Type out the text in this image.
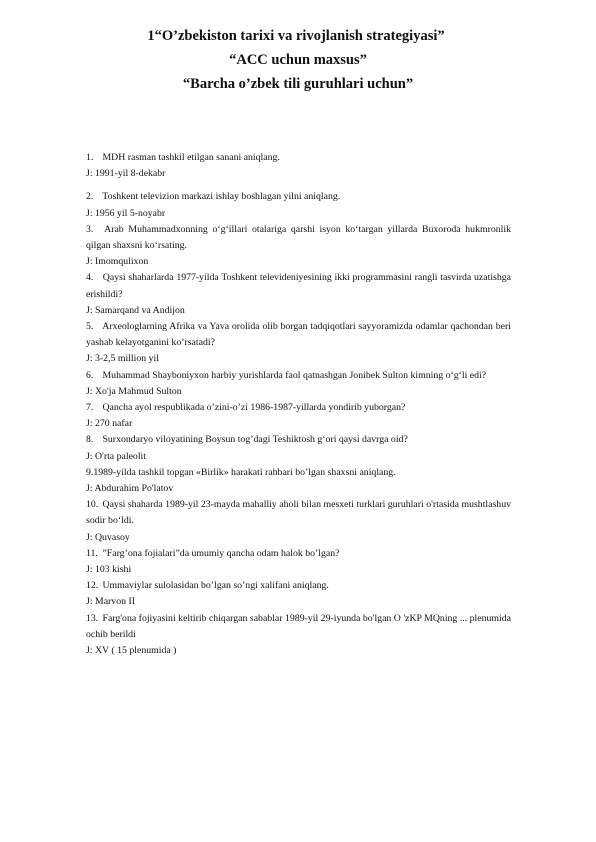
1“O’zbekiston tarixi va rivojlanish strategiyasi”
“ACC uchun maxsus”
“Barcha o’zbek tili guruhlari uchun”

1. MDH rasman tashkil etilgan sanani aniqlang.

J: 1991-yil 8-dekabr

2. Toshkent televizion markazi ishlay boshlagan yilni aniqlang.

J: 1956 yil 5-noyabr

3. Arab Muhammadxonning o‘g‘illari otalariga qarshi isyon ko‘targan yillarda Buxoroda hukmronlik qilgan shaxsni ko‘rsating.

J: Imomqulixon

4. Qaysi shaharlarda 1977-yilda Toshkent televideniyesining ikki programmasini rangli tasvirda uzatishga erishildi?

J: Samarqand va Andijon

5. Arxeologlarning Afrika va Yava orolida olib borgan tadqiqotlari sayyoramizda odamlar qachondan beri yashab kelayotganini ko’rsatadi?

J: 3-2,5 million yil

6. Muhammad Shayboniyxon harbiy yurishlarda faol qatnashgan Jonibek Sulton kimning o‘g‘li edi?

J: Xo'ja Mahmud Sulton

7. Qancha ayol respublikada o’zini-o’zi 1986-1987-yillarda yondirib yuborgan?

J: 270 nafar

8. Surxondaryo viloyatining Boysun tog’dagi Teshiktosh g‘ori qaysi davrga oid?

J: O'rta paleolit

9.1989-yilda tashkil topgan «Birlik» harakati rahbari bo’lgan shaxsni aniqlang.

J: Abdurahim Po'latov

10. Qaysi shaharda 1989-yil 23-mayda mahalliy aholi bilan mesxeti turklari guruhlari o'rtasida mushtlashuv sodir bo‘ldi.

J: Quvasoy

11. ”Farg’ona fojialari”da umumiy qancha odam halok bo’lgan?

J: 103 kishi

12. Ummaviylar sulolasidan bo’lgan so’ngi xalifani aniqlang.

J: Marvon II

13. Farg'ona fojiyasini keltirib chiqargan sabablar 1989-yil 29-iyunda bo'lgan O 'zKP MQning ... plenumida ochib berildi

J: XV ( 15 plenumida )
